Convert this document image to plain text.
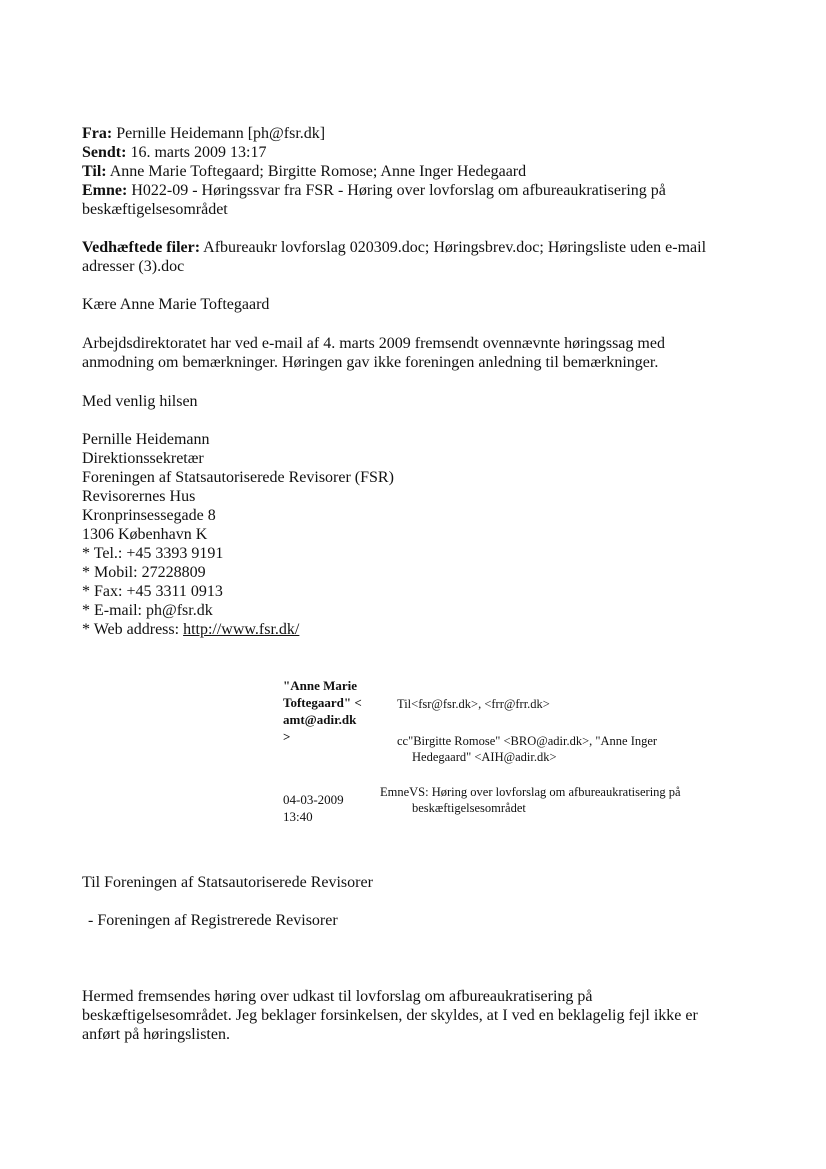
Fra: Pernille Heidemann [ph@fsr.dk]
Sendt: 16. marts 2009 13:17
Til: Anne Marie Toftegaard; Birgitte Romose; Anne Inger Hedegaard
Emne: H022-09 - Høringssvar fra FSR - Høring over lovforslag om afbureaukratisering på
beskæftigelsesområdet
Vedhæftede filer: Afbureaukr lovforslag 020309.doc; Høringsbrev.doc; Høringsliste uden e-mail
adresser (3).doc
Kære Anne Marie Toftegaard
Arbejdsdirektoratet har ved e-mail af 4. marts 2009 fremsendt ovennævnte høringssag med
anmodning om bemærkninger. Høringen gav ikke foreningen anledning til bemærkninger.
Med venlig hilsen
Pernille Heidemann
Direktionssekretær
Foreningen af Statsautoriserede Revisorer (FSR)
Revisorernes Hus
Kronprinsessegade 8
1306 København K
* Tel.: +45 3393 9191
* Mobil: 27228809
* Fax: +45 3311 0913
* E-mail: ph@fsr.dk
* Web address: http://www.fsr.dk/
"Anne Marie Toftegaard" <amt@adir.dk>
04-03-2009 13:40
Til<fsr@fsr.dk>, <frr@frr.dk>
cc"Birgitte Romose" <BRO@adir.dk>, "Anne Inger
Hedegaard" <AIH@adir.dk>
EmneVS: Høring over lovforslag om afbureaukratisering på
beskæftigelsesområdet
Til Foreningen af Statsautoriserede Revisorer
- Foreningen af Registrerede Revisorer
Hermed fremsendes høring over udkast til lovforslag om afbureaukratisering på
beskæftigelsesområdet. Jeg beklager forsinkelsen, der skyldes, at I ved en beklagelig fejl ikke er
anført på høringslisten.
